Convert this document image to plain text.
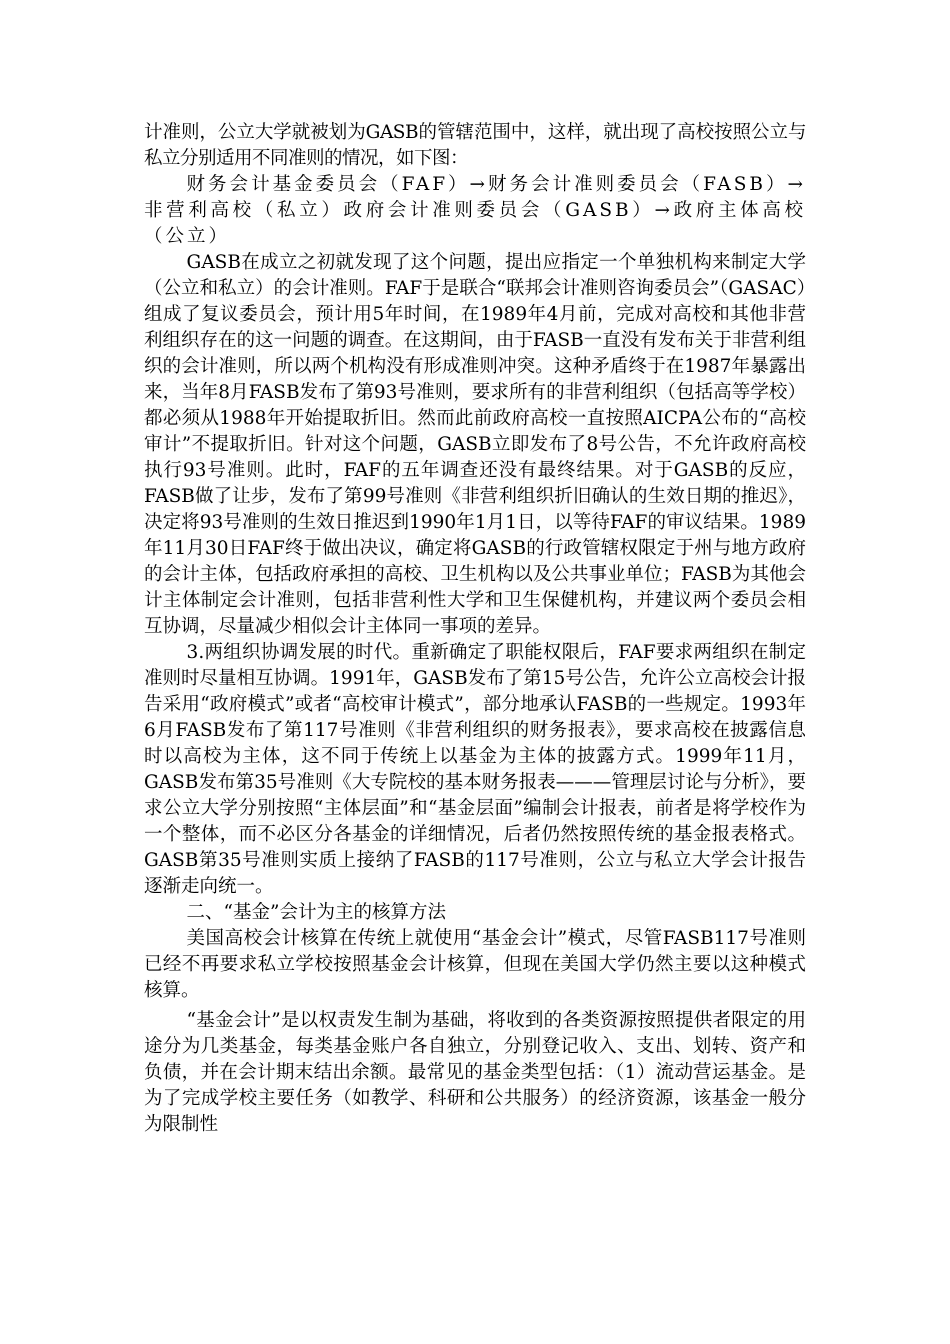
计准则，公立大学就被划为GASB的管辖范围中，这样，就出现了高校按照公立与私立分别适用不同准则的情况，如下图：

财务会计基金委员会（FAF）→财务会计准则委员会（FASB）→非营利高校（私立）政府会计准则委员会（GASB）→政府主体高校（公立）

GASB在成立之初就发现了这个问题，提出应指定一个单独机构来制定大学（公立和私立）的会计准则。FAF于是联合“联邦会计准则咨询委员会”（GASAC）组成了复议委员会，预计用5年时间，在1989年4月前，完成对高校和其他非营利组织存在的这一问题的调查。在这期间，由于FASB一直没有发布关于非营利组织的会计准则，所以两个机构没有形成准则冲突。这种矛盾终于在1987年暴露出来，当年8月FASB发布了第93号准则，要求所有的非营利组织（包括高等学校）都必须从1988年开始提取折旧。然而此前政府高校一直按照AICPA公布的“高校审计”不提取折旧。针对这个问题，GASB立即发布了8号公告，不允许政府高校执行93号准则。此时，FAF的五年调查还没有最终结果。对于GASB的反应，FASB做了让步，发布了第99号准则《非营利组织折旧确认的生效日期的推迟》，决定将93号准则的生效日推迟到1990年1月1日，以等待FAF的审议结果。1989年11月30日FAF终于做出决议，确定将GASB的行政管辖权限定于州与地方政府的会计主体，包括政府承担的高校、卫生机构以及公共事业单位；FASB为其他会计主体制定会计准则，包括非营利性大学和卫生保健机构，并建议两个委员会相互协调，尽量减少相似会计主体同一事项的差异。

3.两组织协调发展的时代。重新确定了职能权限后，FAF要求两组织在制定准则时尽量相互协调。1991年，GASB发布了第15号公告，允许公立高校会计报告采用“政府模式”或者“高校审计模式”，部分地承认FASB的一些规定。1993年6月FASB发布了第117号准则《非营利组织的财务报表》，要求高校在披露信息时以高校为主体，这不同于传统上以基金为主体的披露方式。1999年11月，GASB发布第35号准则《大专院校的基本财务报表———管理层讨论与分析》，要求公立大学分别按照“主体层面”和“基金层面”编制会计报表，前者是将学校作为一个整体，而不必区分各基金的详细情况，后者仍然按照传统的基金报表格式。GASB第35号准则实质上接纳了FASB的117号准则，公立与私立大学会计报告逐渐走向统一。

二、“基金”会计为主的核算方法

美国高校会计核算在传统上就使用“基金会计”模式，尽管FASB117号准则已经不再要求私立学校按照基金会计核算，但现在美国大学仍然主要以这种模式核算。

“基金会计”是以权责发生制为基础，将收到的各类资源按照提供者限定的用途分为几类基金，每类基金账户各自独立，分别登记收入、支出、划转、资产和负债，并在会计期末结出余额。最常见的基金类型包括：（1）流动营运基金。是为了完成学校主要任务（如教学、科研和公共服务）的经济资源，该基金一般分为限制性
